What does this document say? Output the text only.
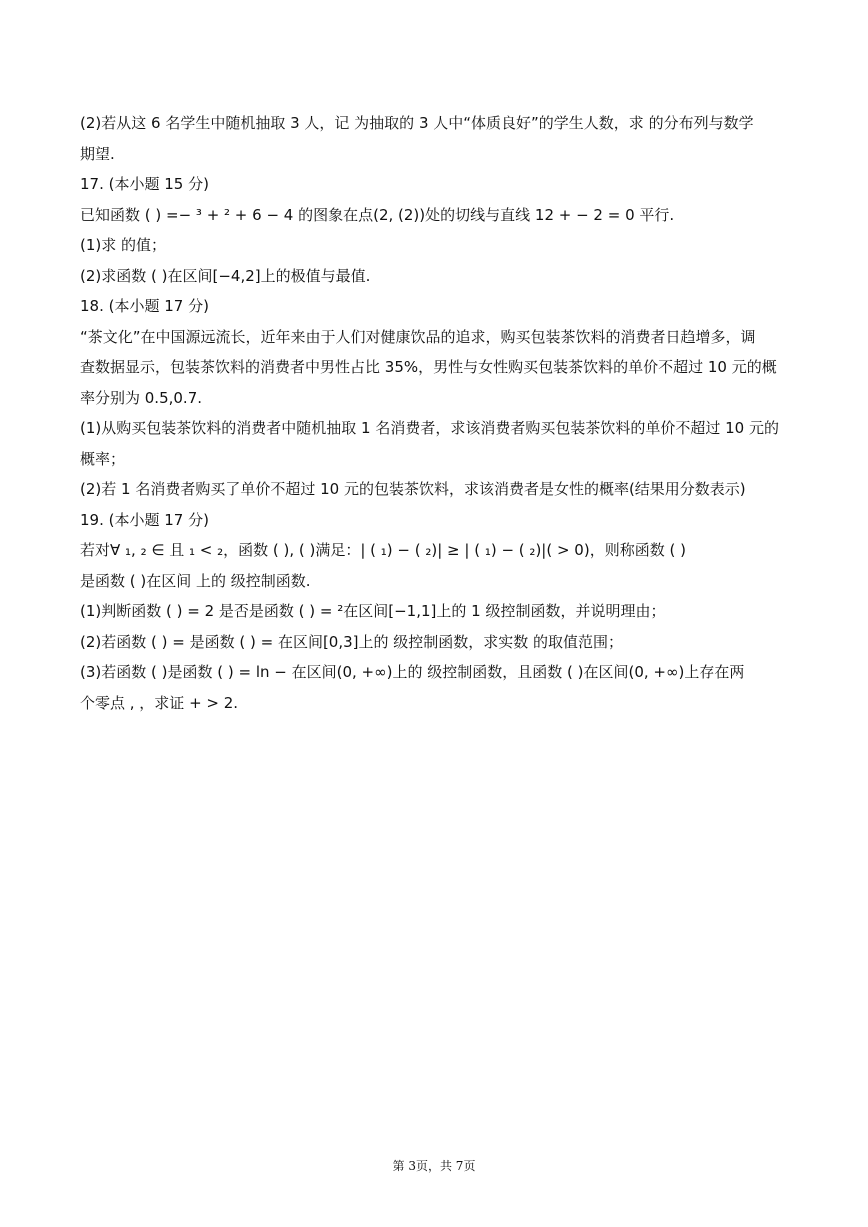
(2)若从这 6 名学生中随机抽取 3 人，记 为抽取的 3 人中“体质良好”的学生人数，求 的分布列与数学
期望.
17. (本小题 15 分)
已知函数 ( ) =− ³ + ² + 6 − 4 的图象在点(2, (2))处的切线与直线 12 + − 2 = 0 平行.
(1)求 的值；
(2)求函数 ( )在区间[−4,2]上的极值与最值.
18. (本小题 17 分)
“茶文化”在中国源远流长，近年来由于人们对健康饮品的追求，购买包装茶饮料的消费者日趋增多，调
查数据显示，包装茶饮料的消费者中男性占比 35%，男性与女性购买包装茶饮料的单价不超过 10 元的概
率分别为 0.5,0.7.
(1)从购买包装茶饮料的消费者中随机抽取 1 名消费者，求该消费者购买包装茶饮料的单价不超过 10 元的
概率；
(2)若 1 名消费者购买了单价不超过 10 元的包装茶饮料，求该消费者是女性的概率(结果用分数表示)
19. (本小题 17 分)
若对∀ ₁, ₂ ∈ 且 ₁ < ₂，函数 ( ), ( )满足：| ( ₁) − ( ₂)| ≥ | ( ₁) − ( ₂)|( > 0)，则称函数 ( )
是函数 ( )在区间 上的 级控制函数.
(1)判断函数 ( ) = 2 是否是函数 ( ) = ²在区间[−1,1]上的 1 级控制函数，并说明理由；
(2)若函数 ( ) = 是函数 ( ) = 在区间[0,3]上的 级控制函数，求实数 的取值范围；
(3)若函数 ( )是函数 ( ) = ln − 在区间(0, +∞)上的 级控制函数，且函数 ( )在区间(0, +∞)上存在两
个零点 , ，求证 + > 2.
第 3页，共 7页
